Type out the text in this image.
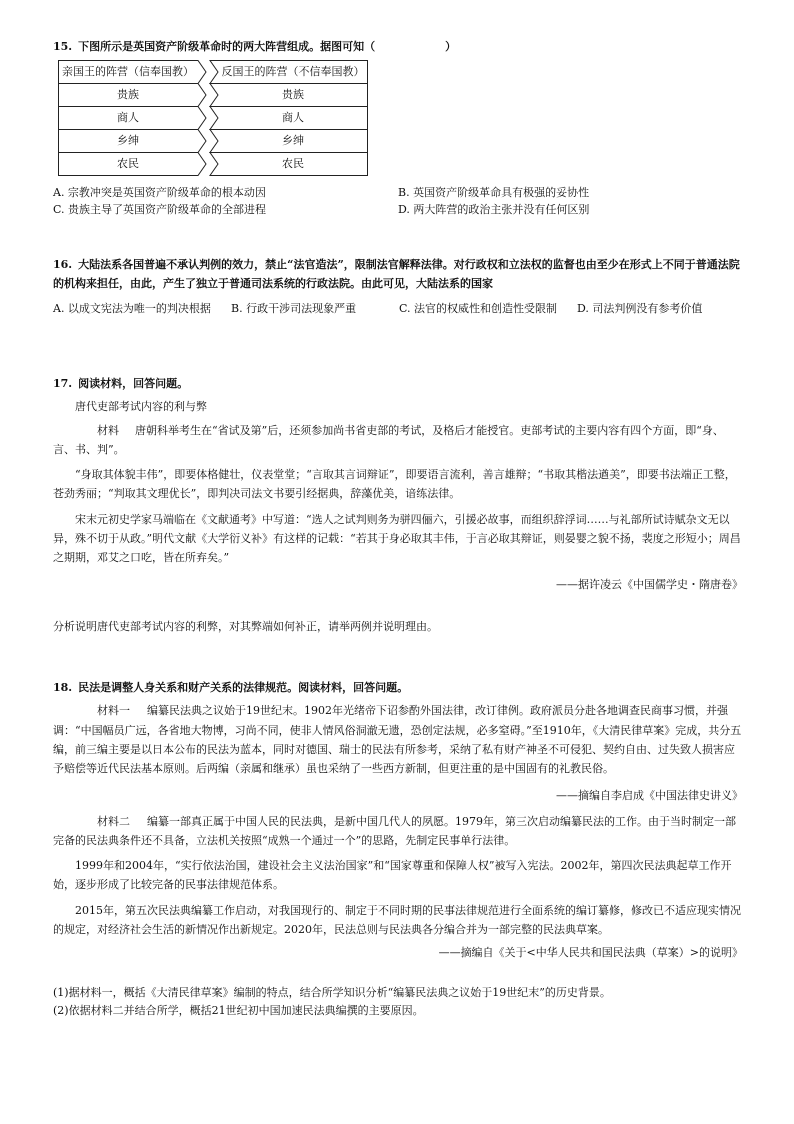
15. 下图所示是英国资产阶级革命时的两大阵营组成。据图可知（	）

亲国王的阵营（信奉国教）	反国王的阵营（不信奉国教）
贵族	贵族
商人	商人
乡绅	乡绅
农民	农民
A. 宗教冲突是英国资产阶级革命的根本动因	B. 英国资产阶级革命具有极强的妥协性
C. 贵族主导了英国资产阶级革命的全部进程	D. 两大阵营的政治主张并没有任何区别

16. 大陆法系各国普遍不承认判例的效力，禁止“法官造法”，限制法官解释法律。对行政权和立法权的监督也由至少在形式上不同于普通法院的机构来担任，由此，产生了独立于普通司法系统的行政法院。由此可见，大陆法系的国家

A. 以成文宪法为唯一的判决根据	B. 行政干涉司法现象严重	C. 法官的权威性和创造性受限制	D. 司法判例没有参考价值

17. 阅读材料，回答问题。

唐代吏部考试内容的利与弊

材料 唐朝科举考生在“省试及第”后，还须参加尚书省吏部的考试，及格后才能授官。吏部考试的主要内容有四个方面，即“身、言、书、判”。

“身取其体貌丰伟”，即要体格健壮，仪表堂堂；“言取其言词辩证”，即要语言流利，善言雄辩；“书取其楷法遒美”，即要书法端正工整，苍劲秀丽；“判取其文理优长”，即判决司法文书要引经据典，辞藻优美，谙练法律。

宋末元初史学家马端临在《文献通考》中写道：“选人之试判则务为骈四俪六，引援必故事，而组织辞浮词……与礼部所试诗赋杂文无以异，殊不切于从政。”明代文献《大学衍义补》有这样的记载：“若其于身必取其丰伟，于言必取其辩证，则晏婴之貌不扬，裴度之形短小；周昌之期期，邓艾之口吃，皆在所弃矣。”

——据许凌云《中国儒学史・隋唐卷》

分析说明唐代吏部考试内容的利弊，对其弊端如何补正，请举两例并说明理由。

18. 民法是调整人身关系和财产关系的法律规范。阅读材料，回答问题。

材料一 编纂民法典之议始于19世纪末。1902年光绪帝下诏参酌外国法律，改订律例。政府派员分赴各地调查民商事习惯，并强调：“中国幅员广远，各省地大物博，习尚不同，使非人情风俗洞澈无遗，恐创定法规，必多窒碍。”至1910年，《大清民律草案》完成，共分五编，前三编主要是以日本公布的民法为蓝本，同时对德国、瑞士的民法有所参考，采纳了私有财产神圣不可侵犯、契约自由、过失致人损害应予赔偿等近代民法基本原则。后两编（亲属和继承）虽也采纳了一些西方新制，但更注重的是中国固有的礼教民俗。

——摘编自李启成《中国法律史讲义》

材料二 编纂一部真正属于中国人民的民法典，是新中国几代人的夙愿。1979年，第三次启动编纂民法的工作。由于当时制定一部完备的民法典条件还不具备，立法机关按照“成熟一个通过一个”的思路，先制定民事单行法律。

1999年和2004年，“实行依法治国，建设社会主义法治国家”和“国家尊重和保障人权”被写入宪法。2002年，第四次民法典起草工作开始，逐步形成了比较完备的民事法律规范体系。

2015年，第五次民法典编纂工作启动，对我国现行的、制定于不同时期的民事法律规范进行全面系统的编订纂修，修改已不适应现实情况的规定，对经济社会生活的新情况作出新规定。2020年，民法总则与民法典各分编合并为一部完整的民法典草案。

——摘编自《关于<中华人民共和国民法典（草案）>的说明》

(1)据材料一，概括《大清民律草案》编制的特点，结合所学知识分析“编纂民法典之议始于19世纪末”的历史背景。

(2)依据材料二并结合所学，概括21世纪初中国加速民法典编撰的主要原因。
